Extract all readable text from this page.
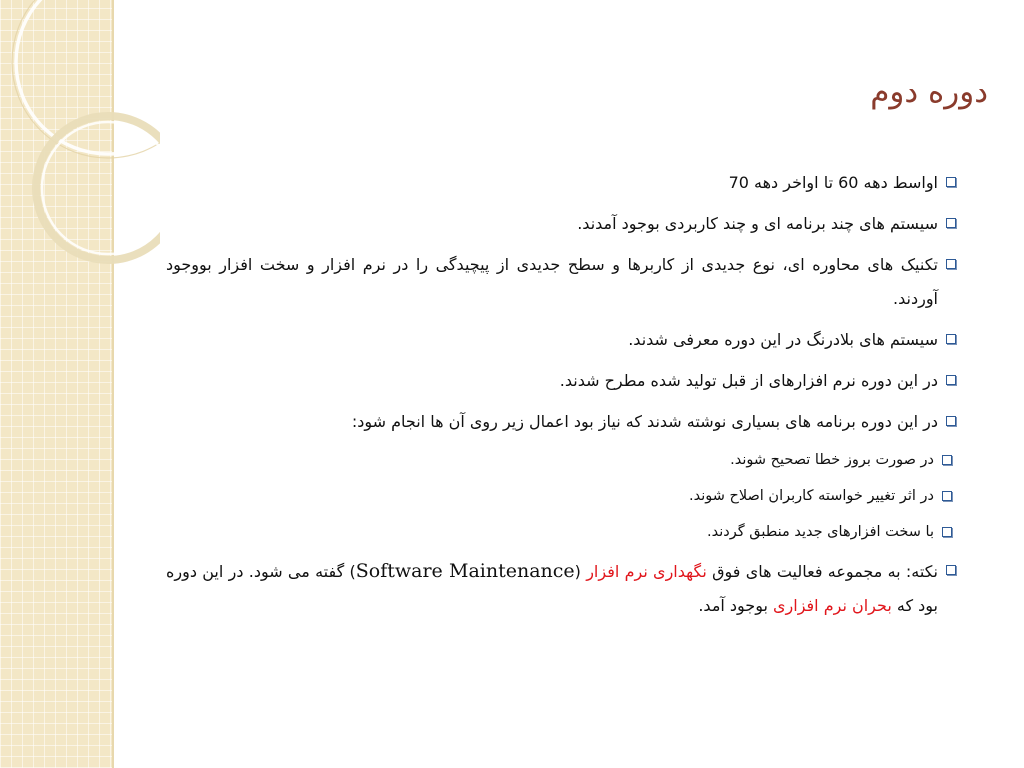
دوره دوم
اواسط دهه 60 تا اواخر دهه 70
سیستم های چند برنامه ای و چند کاربردی بوجود آمدند.
تکنیک های محاوره ای، نوع جدیدی از کاربرها و سطح جدیدی از پیچیدگی را در نرم افزار و سخت افزار بووجود آوردند.
سیستم های بلادرنگ در این دوره معرفی شدند.
در این دوره نرم افزارهای از قبل تولید شده مطرح شدند.
در این دوره برنامه های بسیاری نوشته شدند که نیاز بود اعمال زیر روی آن ها انجام شود:
در صورت بروز خطا تصحیح شوند.
در اثر تغییر خواسته کاربران اصلاح شوند.
با سخت افزارهای جدید منطبق گردند.
نکته: به مجموعه فعالیت های فوق نگهداری نرم افزار (Software Maintenance) گفته می شود. در این دوره بود که بحران نرم افزاری بوجود آمد.
